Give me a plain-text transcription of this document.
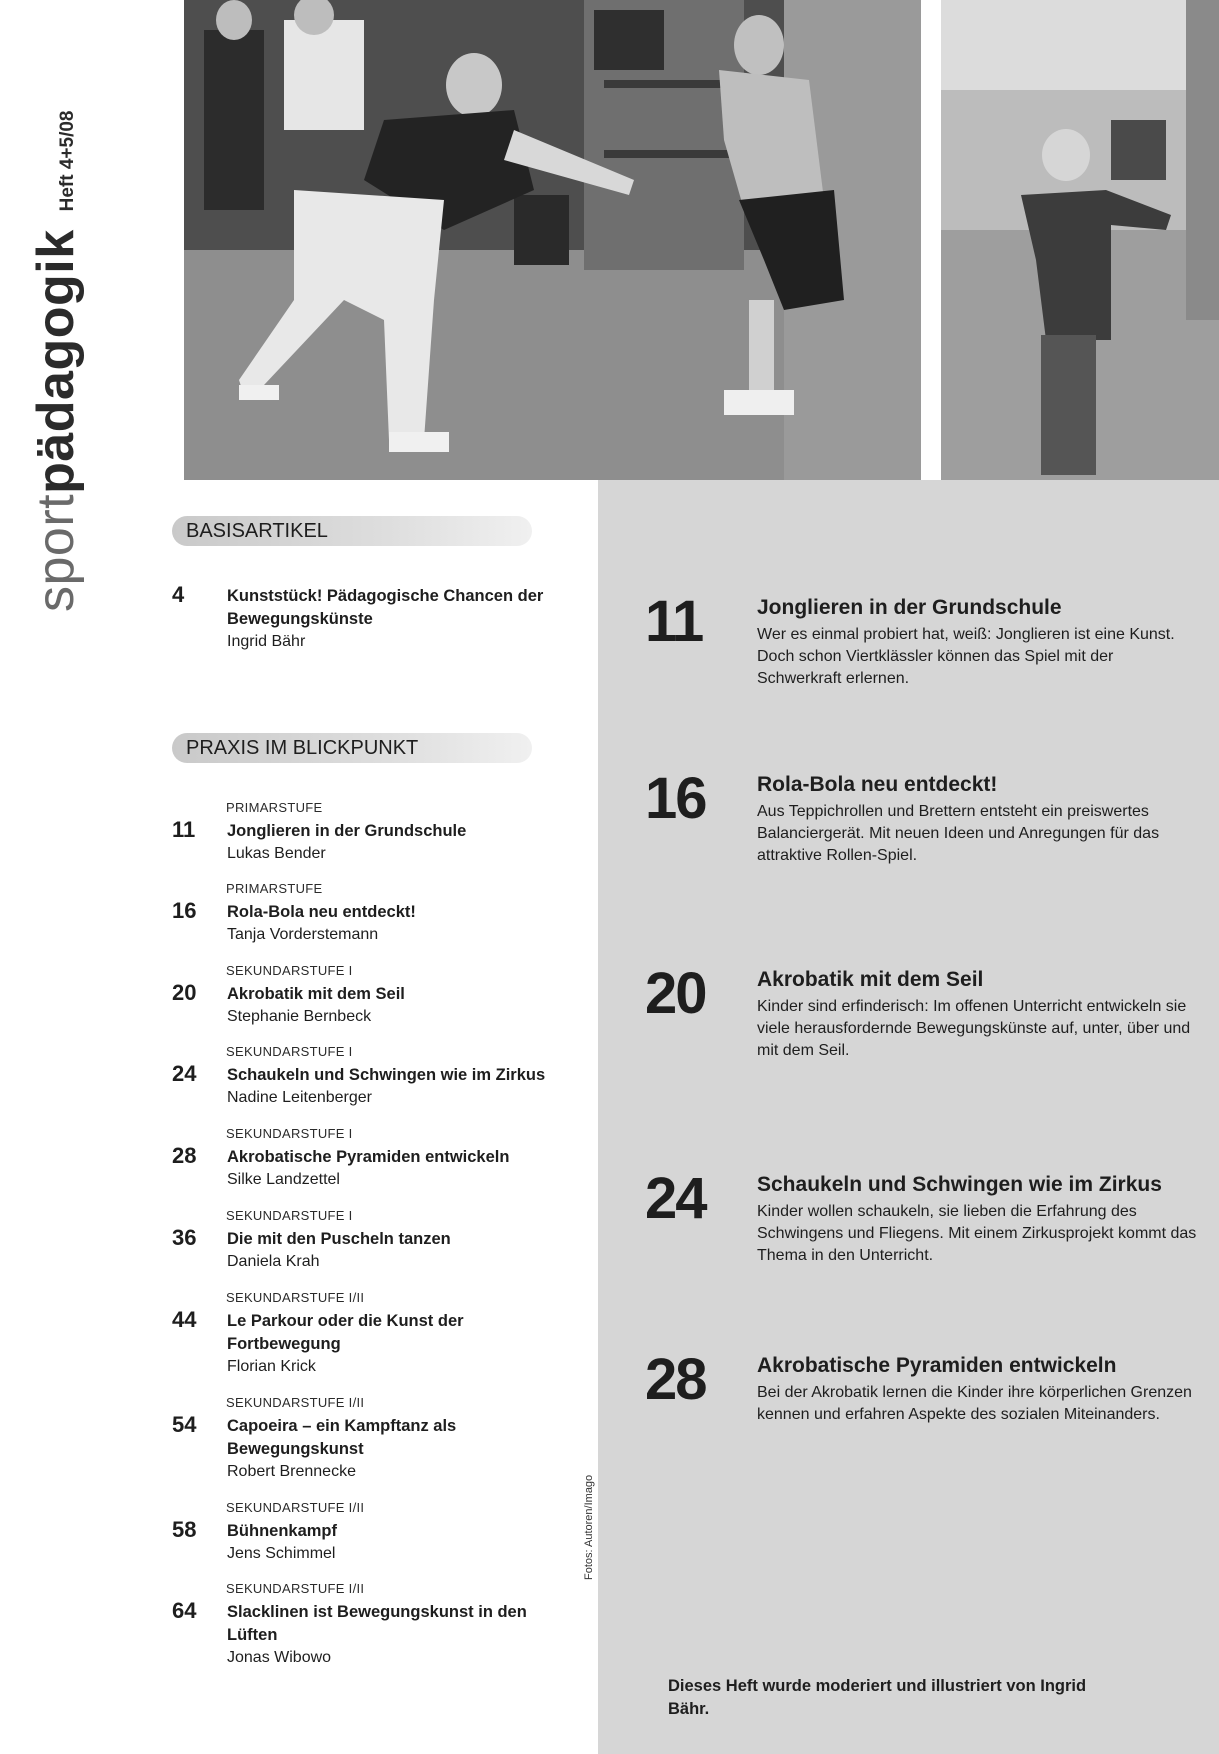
sportpädagogik
Heft 4+5/08
BASISARTIKEL
PRAXIS IM BLICKPUNKT
4	Kunststück! Pädagogische Chancen der Bewegungskünste
Ingrid Bähr
PRIMARSTUFE
11 Jonglieren in der Grundschule
Lukas Bender
PRIMARSTUFE
16 Rola-Bola neu entdeckt!
Tanja Vorderstemann
SEKUNDARSTUFE I
20 Akrobatik mit dem Seil
Stephanie Bernbeck
SEKUNDARSTUFE I
24 Schaukeln und Schwingen wie im Zirkus
Nadine Leitenberger
SEKUNDARSTUFE I
28 Akrobatische Pyramiden entwickeln
Silke Landzettel
SEKUNDARSTUFE I
36 Die mit den Puscheln tanzen
Daniela Krah
SEKUNDARSTUFE I/II
44 Le Parkour oder die Kunst der Fortbewegung
Florian Krick
SEKUNDARSTUFE I/II
54 Capoeira – ein Kampftanz als Bewegungskunst
Robert Brennecke
SEKUNDARSTUFE I/II
58 Bühnenkampf
Jens Schimmel
SEKUNDARSTUFE I/II
64 Slacklinen ist Bewegungskunst in den Lüften
Jonas Wibowo
Fotos: Autoren/Imago
11	Jonglieren in der Grundschule
Wer es einmal probiert hat, weiß: Jonglieren ist eine Kunst. Doch schon Viertklässler können das Spiel mit der Schwerkraft erlernen.
16 Rola-Bola neu entdeckt!
Aus Teppichrollen und Brettern entsteht ein preiswertes Balanciergerät. Mit neuen Ideen und Anregungen für das attraktive Rollen-Spiel.
20 Akrobatik mit dem Seil
Kinder sind erfinderisch: Im offenen Unterricht entwickeln sie viele herausfordernde Bewegungskünste auf, unter, über und mit dem Seil.
24 Schaukeln und Schwingen wie im Zirkus
Kinder wollen schaukeln, sie lieben die Erfahrung des Schwingens und Fliegens. Mit einem Zirkusprojekt kommt das Thema in den Unterricht.
28 Akrobatische Pyramiden entwickeln
Bei der Akrobatik lernen die Kinder ihre körperlichen Grenzen kennen und erfahren Aspekte des sozialen Miteinanders.
Dieses Heft wurde moderiert und illustriert von Ingrid Bähr.
